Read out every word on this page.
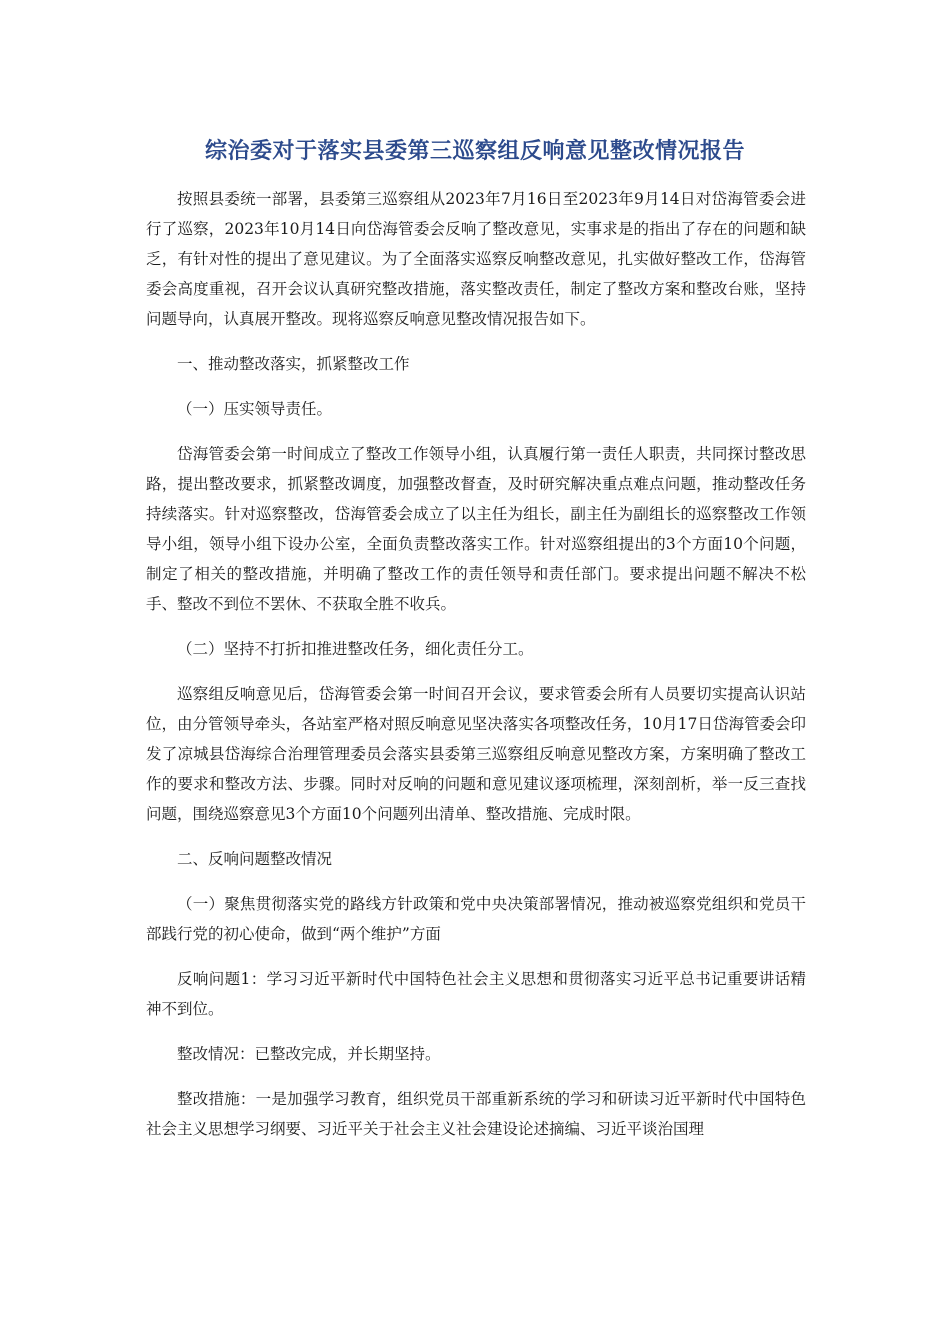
综治委对于落实县委第三巡察组反响意见整改情况报告

按照县委统一部署，县委第三巡察组从2023年7月16日至2023年9月14日对岱海管委会进行了巡察，2023年10月14日向岱海管委会反响了整改意见，实事求是的指出了存在的问题和缺乏，有针对性的提出了意见建议。为了全面落实巡察反响整改意见，扎实做好整改工作，岱海管委会高度重视，召开会议认真研究整改措施，落实整改责任，制定了整改方案和整改台账，坚持问题导向，认真展开整改。现将巡察反响意见整改情况报告如下。

一、推动整改落实，抓紧整改工作

（一）压实领导责任。

岱海管委会第一时间成立了整改工作领导小组，认真履行第一责任人职责，共同探讨整改思路，提出整改要求，抓紧整改调度，加强整改督查，及时研究解决重点难点问题，推动整改任务持续落实。针对巡察整改，岱海管委会成立了以主任为组长，副主任为副组长的巡察整改工作领导小组，领导小组下设办公室，全面负责整改落实工作。针对巡察组提出的3个方面10个问题，制定了相关的整改措施，并明确了整改工作的责任领导和责任部门。要求提出问题不解决不松手、整改不到位不罢休、不获取全胜不收兵。

（二）坚持不打折扣推进整改任务，细化责任分工。

巡察组反响意见后，岱海管委会第一时间召开会议，要求管委会所有人员要切实提高认识站位，由分管领导牵头，各站室严格对照反响意见坚决落实各项整改任务，10月17日岱海管委会印发了凉城县岱海综合治理管理委员会落实县委第三巡察组反响意见整改方案，方案明确了整改工作的要求和整改方法、步骤。同时对反响的问题和意见建议逐项梳理，深刻剖析，举一反三查找问题，围绕巡察意见3个方面10个问题列出清单、整改措施、完成时限。

二、反响问题整改情况

（一）聚焦贯彻落实党的路线方针政策和党中央决策部署情况，推动被巡察党组织和党员干部践行党的初心使命，做到“两个维护”方面

反响问题1：学习习近平新时代中国特色社会主义思想和贯彻落实习近平总书记重要讲话精神不到位。

整改情况：已整改完成，并长期坚持。

整改措施：一是加强学习教育，组织党员干部重新系统的学习和研读习近平新时代中国特色社会主义思想学习纲要、习近平关于社会主义社会建设论述摘编、习近平谈治国理
